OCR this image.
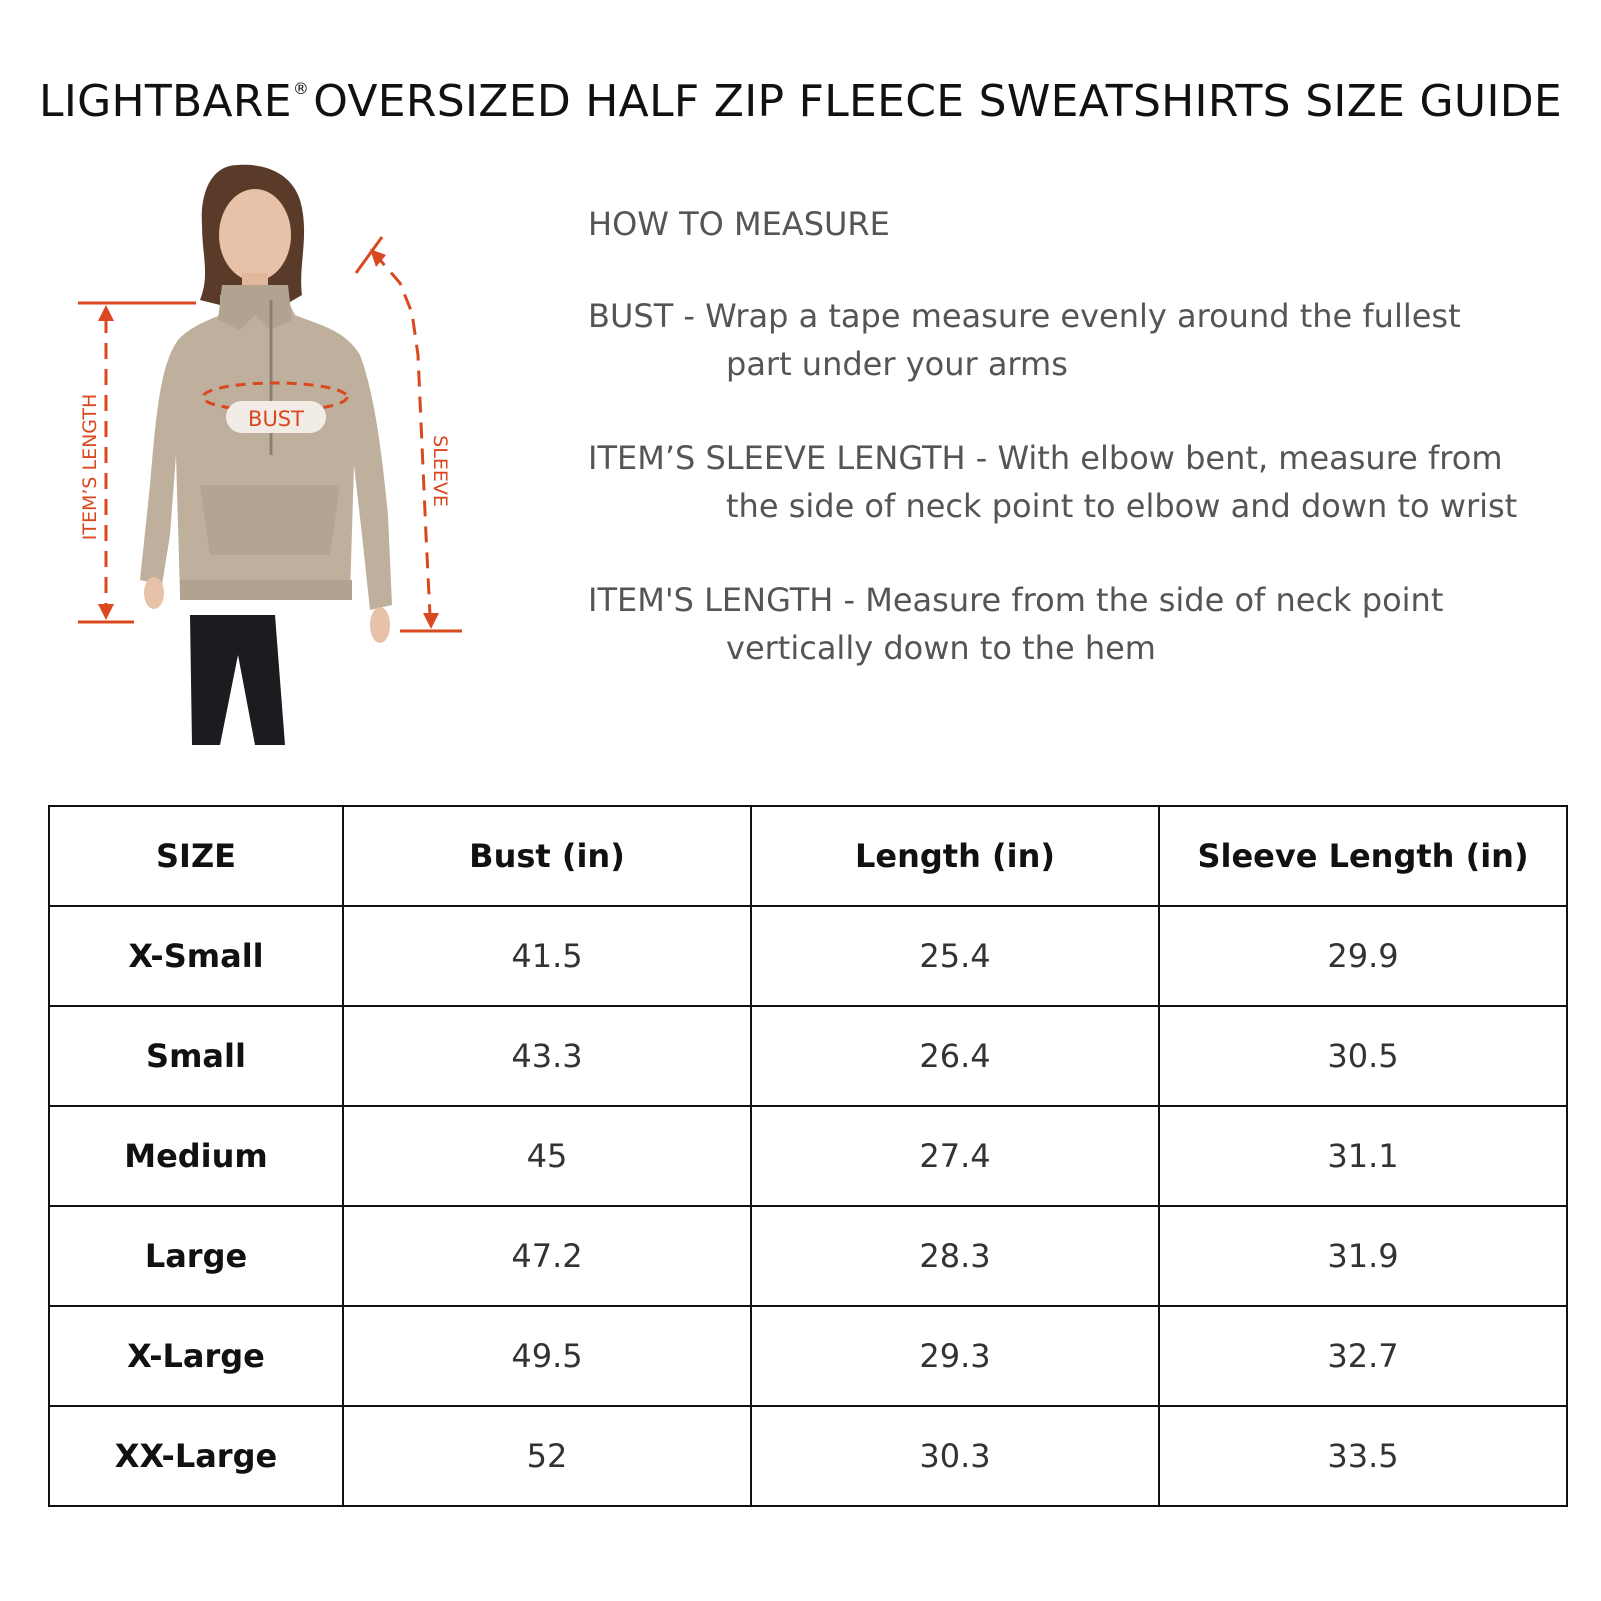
LIGHTBARE®OVERSIZED HALF ZIP FLEECE SWEATSHIRTS SIZE GUIDE
BUST
ITEM’S LENGTH	SLEEVE
HOW TO MEASURE
BUST - Wrap a tape measure evenly around the fullest
part under your arms
ITEM’S SLEEVE LENGTH - With elbow bent, measure from
the side of neck point to elbow and down to wrist
ITEM'S LENGTH - Measure from the side of neck point
vertically down to the hem
SIZE	Bust (in)	Length (in)	Sleeve Length (in)
X-Small	41.5	25.4	29.9
Small	43.3	26.4	30.5
Medium	45	27.4	31.1
Large	47.2	28.3	31.9
X-Large	49.5	29.3	32.7
XX-Large	52	30.3	33.5
